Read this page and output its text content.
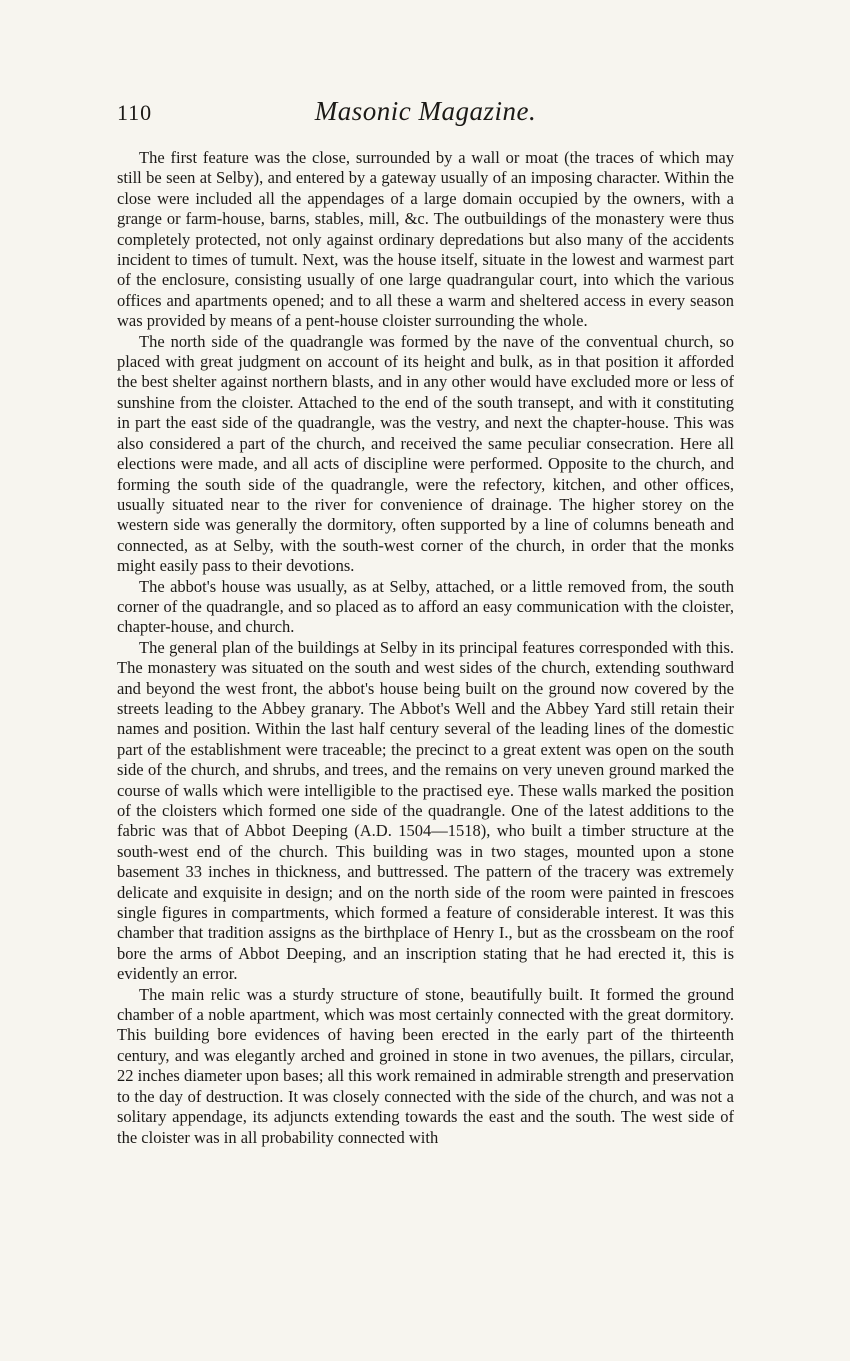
110	Masonic Magazine.

The first feature was the close, surrounded by a wall or moat (the traces of which may still be seen at Selby), and entered by a gateway usually of an imposing character. Within the close were included all the appendages of a large domain occupied by the owners, with a grange or farm-house, barns, stables, mill, &c. The outbuildings of the monastery were thus completely protected, not only against ordinary depredations but also many of the accidents incident to times of tumult. Next, was the house itself, situate in the lowest and warmest part of the enclosure, consisting usually of one large quadrangular court, into which the various offices and apartments opened; and to all these a warm and sheltered access in every season was provided by means of a pent-house cloister surrounding the whole.

The north side of the quadrangle was formed by the nave of the conventual church, so placed with great judgment on account of its height and bulk, as in that position it afforded the best shelter against northern blasts, and in any other would have excluded more or less of sunshine from the cloister. Attached to the end of the south transept, and with it constituting in part the east side of the quadrangle, was the vestry, and next the chapter-house. This was also considered a part of the church, and received the same peculiar consecration. Here all elections were made, and all acts of discipline were performed. Opposite to the church, and forming the south side of the quadrangle, were the refectory, kitchen, and other offices, usually situated near to the river for convenience of drainage. The higher storey on the western side was generally the dormitory, often supported by a line of columns beneath and connected, as at Selby, with the south-west corner of the church, in order that the monks might easily pass to their devotions.

The abbot's house was usually, as at Selby, attached, or a little removed from, the south corner of the quadrangle, and so placed as to afford an easy communication with the cloister, chapter-house, and church.

The general plan of the buildings at Selby in its principal features corresponded with this. The monastery was situated on the south and west sides of the church, extending southward and beyond the west front, the abbot's house being built on the ground now covered by the streets leading to the Abbey granary. The Abbot's Well and the Abbey Yard still retain their names and position. Within the last half century several of the leading lines of the domestic part of the establishment were traceable; the precinct to a great extent was open on the south side of the church, and shrubs, and trees, and the remains on very uneven ground marked the course of walls which were intelligible to the practised eye. These walls marked the position of the cloisters which formed one side of the quadrangle. One of the latest additions to the fabric was that of Abbot Deeping (A.D. 1504—1518), who built a timber structure at the south-west end of the church. This building was in two stages, mounted upon a stone basement 33 inches in thickness, and buttressed. The pattern of the tracery was extremely delicate and exquisite in design; and on the north side of the room were painted in frescoes single figures in compartments, which formed a feature of considerable interest. It was this chamber that tradition assigns as the birthplace of Henry I., but as the crossbeam on the roof bore the arms of Abbot Deeping, and an inscription stating that he had erected it, this is evidently an error.

The main relic was a sturdy structure of stone, beautifully built. It formed the ground chamber of a noble apartment, which was most certainly connected with the great dormitory. This building bore evidences of having been erected in the early part of the thirteenth century, and was elegantly arched and groined in stone in two avenues, the pillars, circular, 22 inches diameter upon bases; all this work remained in admirable strength and preservation to the day of destruction. It was closely connected with the side of the church, and was not a solitary appendage, its adjuncts extending towards the east and the south. The west side of the cloister was in all probability connected with
